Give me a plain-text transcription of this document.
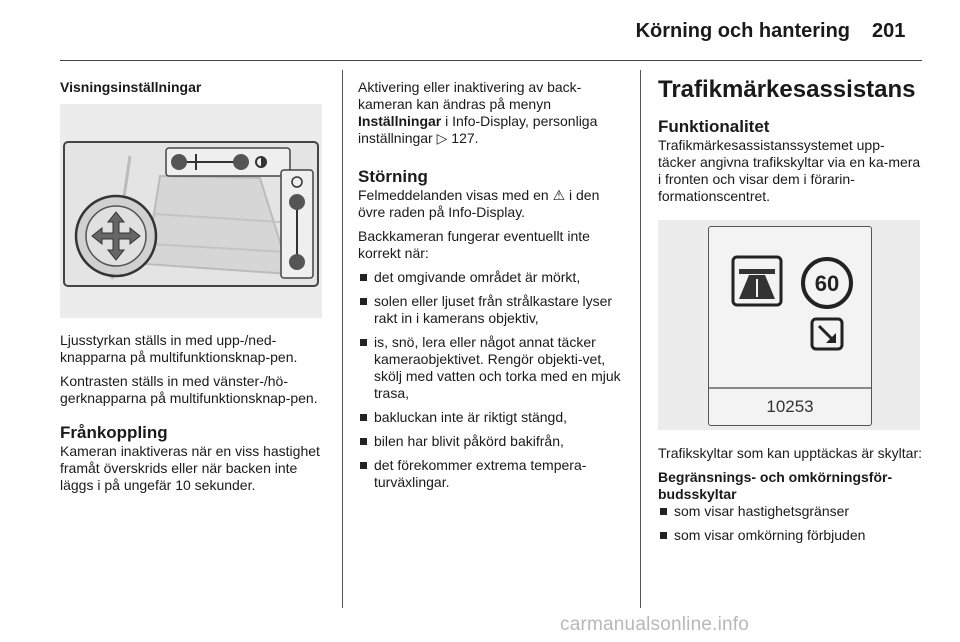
Körning och hantering 201
Visningsinställningar

Ljusstyrkan ställs in med upp-/ned-knapparna på multifunktionsknap-pen.

Kontrasten ställs in med vänster-/hö-gerknapparna på multifunktionsknap-pen.

Frånkoppling

Kameran inaktiveras när en viss hastighet framåt överskrids eller när backen inte läggs i på ungefär 10 sekunder.

Aktivering eller inaktivering av back-kameran kan ändras på menyn Inställningar i Info-Display, personliga inställningar ▷ 127.

Störning

Felmeddelanden visas med en ⚠ i den övre raden på Info-Display.

Backkameran fungerar eventuellt inte korrekt när:

det omgivande området är mörkt,
solen eller ljuset från strålkastare lyser rakt in i kamerans objektiv,
is, snö, lera eller något annat täcker kameraobjektivet. Rengör objekti-vet, skölj med vatten och torka med en mjuk trasa,
bakluckan inte är riktigt stängd,
bilen har blivit påkörd bakifrån,
det förekommer extrema tempera-turväxlingar.
Trafikmärkesassistans
Funktionalitet

Trafikmärkesassistanssystemet upp-täcker angivna trafikskyltar via en ka-mera i fronten och visar dem i förarin-formationscentret.

60
10253

Trafikskyltar som kan upptäckas är skyltar:

Begränsnings- och omkörningsför-budsskyltar
som visar hastighetsgränser
som visar omkörning förbjuden
carmanualsonline.info
